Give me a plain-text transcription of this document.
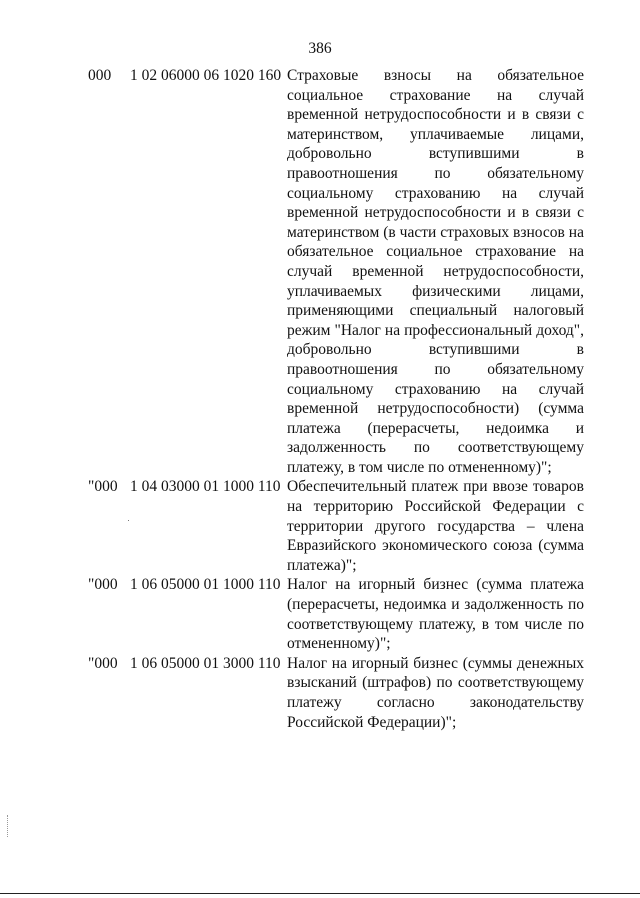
386
000 1 02 06000 06 1020 160 Страховые взносы на обязательное социальное страхование на случай временной нетрудоспособности и в связи с материнством, уплачиваемые лицами, добровольно вступившими в правоотношения по обязательному социальному страхованию на случай временной нетрудоспособности и в связи с материнством (в части страховых взносов на обязательное социальное страхование на случай временной нетрудоспособности, уплачиваемых физическими лицами, применяющими специальный налоговый режим "Налог на профессиональный доход", добровольно вступившими в правоотношения по обязательному социальному страхованию на случай временной нетрудоспособности) (сумма платежа (перерасчеты, недоимка и задолженность по соответствующему платежу, в том числе по отмененному)";
"000 1 04 03000 01 1000 110 Обеспечительный платеж при ввозе товаров на территорию Российской Федерации с территории другого государства – члена Евразийского экономического союза (сумма платежа)";
"000 1 06 05000 01 1000 110 Налог на игорный бизнес (сумма платежа (перерасчеты, недоимка и задолженность по соответствующему платежу, в том числе по отмененному)";
"000 1 06 05000 01 3000 110 Налог на игорный бизнес (суммы денежных взысканий (штрафов) по соответствующему платежу согласно законодательству Российской Федерации)";
